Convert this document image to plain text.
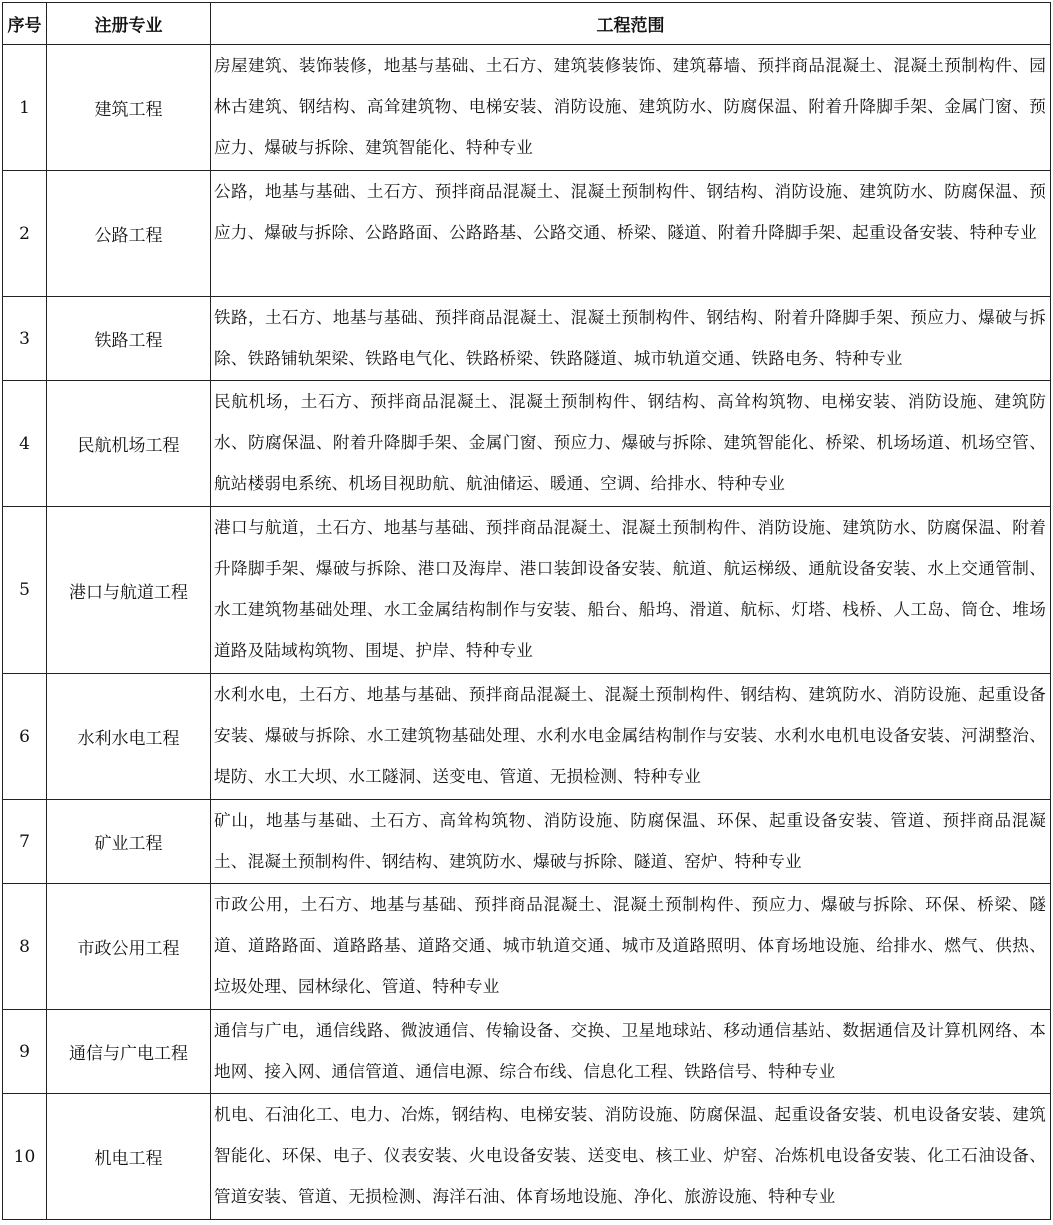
序号	注册专业	工程范围
1	建筑工程	房屋建筑、装饰装修，地基与基础、土石方、建筑装修装饰、建筑幕墙、预拌商品混凝土、混凝土预制构件、园林古建筑、钢结构、高耸建筑物、电梯安装、消防设施、建筑防水、防腐保温、附着升降脚手架、金属门窗、预应力、爆破与拆除、建筑智能化、特种专业
2	公路工程	公路，地基与基础、土石方、预拌商品混凝土、混凝土预制构件、钢结构、消防设施、建筑防水、防腐保温、预应力、爆破与拆除、公路路面、公路路基、公路交通、桥梁、隧道、附着升降脚手架、起重设备安装、特种专业
3	铁路工程	铁路，土石方、地基与基础、预拌商品混凝土、混凝土预制构件、钢结构、附着升降脚手架、预应力、爆破与拆除、铁路铺轨架梁、铁路电气化、铁路桥梁、铁路隧道、城市轨道交通、铁路电务、特种专业
4	民航机场工程	民航机场，土石方、预拌商品混凝土、混凝土预制构件、钢结构、高耸构筑物、电梯安装、消防设施、建筑防水、防腐保温、附着升降脚手架、金属门窗、预应力、爆破与拆除、建筑智能化、桥梁、机场场道、机场空管、航站楼弱电系统、机场目视助航、航油储运、暖通、空调、给排水、特种专业
5	港口与航道工程	港口与航道，土石方、地基与基础、预拌商品混凝土、混凝土预制构件、消防设施、建筑防水、防腐保温、附着升降脚手架、爆破与拆除、港口及海岸、港口装卸设备安装、航道、航运梯级、通航设备安装、水上交通管制、水工建筑物基础处理、水工金属结构制作与安装、船台、船坞、滑道、航标、灯塔、栈桥、人工岛、筒仓、堆场道路及陆域构筑物、围堤、护岸、特种专业
6	水利水电工程	水利水电，土石方、地基与基础、预拌商品混凝土、混凝土预制构件、钢结构、建筑防水、消防设施、起重设备安装、爆破与拆除、水工建筑物基础处理、水利水电金属结构制作与安装、水利水电机电设备安装、河湖整治、堤防、水工大坝、水工隧洞、送变电、管道、无损检测、特种专业
7	矿业工程	矿山，地基与基础、土石方、高耸构筑物、消防设施、防腐保温、环保、起重设备安装、管道、预拌商品混凝土、混凝土预制构件、钢结构、建筑防水、爆破与拆除、隧道、窑炉、特种专业
8	市政公用工程	市政公用，土石方、地基与基础、预拌商品混凝土、混凝土预制构件、预应力、爆破与拆除、环保、桥梁、隧道、道路路面、道路路基、道路交通、城市轨道交通、城市及道路照明、体育场地设施、给排水、燃气、供热、垃圾处理、园林绿化、管道、特种专业
9	通信与广电工程	通信与广电，通信线路、微波通信、传输设备、交换、卫星地球站、移动通信基站、数据通信及计算机网络、本地网、接入网、通信管道、通信电源、综合布线、信息化工程、铁路信号、特种专业
10	机电工程	机电、石油化工、电力、冶炼，钢结构、电梯安装、消防设施、防腐保温、起重设备安装、机电设备安装、建筑智能化、环保、电子、仪表安装、火电设备安装、送变电、核工业、炉窑、冶炼机电设备安装、化工石油设备、管道安装、管道、无损检测、海洋石油、体育场地设施、净化、旅游设施、特种专业
